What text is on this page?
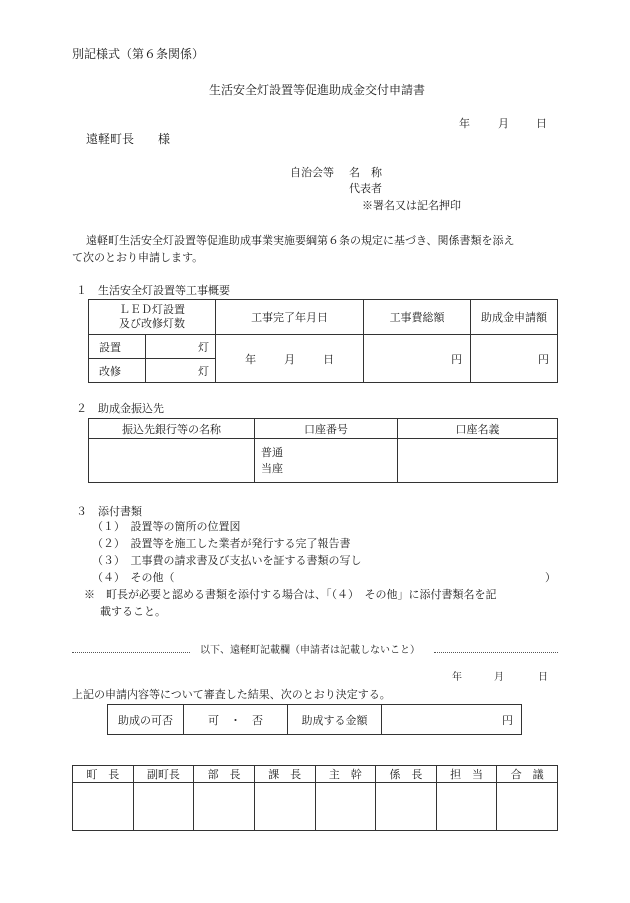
別記様式（第６条関係）
生活安全灯設置等促進助成金交付申請書
年	月 日
遠軽町長　　様
自治会等 名　称
代表者
※署名又は記名押印
遠軽町生活安全灯設置等促進助成事業実施要綱第６条の規定に基づき、関係書類を添え
て次のとおり申請します。
１　生活安全灯設置等工事概要
ＬＥＤ灯設置
及び改修灯数		工事完了年月日	工事費総額	助成金申請額
設置	灯	年 月 日	円	円
改修	灯			
２　助成金振込先
振込先銀行等の名称	口座番号	口座名義
	普通
当座	
３　添付書類
（１）　設置等の箇所の位置図
（２）　設置等を施工した業者が発行する完了報告書
（３）　工事費の請求書及び支払いを証する書類の写し
（４）　その他（	）
※　町長が必要と認める書類を添付する場合は、「（４）　その他」に添付書類名を記
載すること。
以下、遠軽町記載欄（申請者は記載しないこと）
年	月	日
上記の申請内容等について審査した結果、次のとおり決定する。
助成の可否	可　・　否	助成する金額	円
町　長	副町長	部　長	課　長	主　幹	係　長	担　当	合　議
